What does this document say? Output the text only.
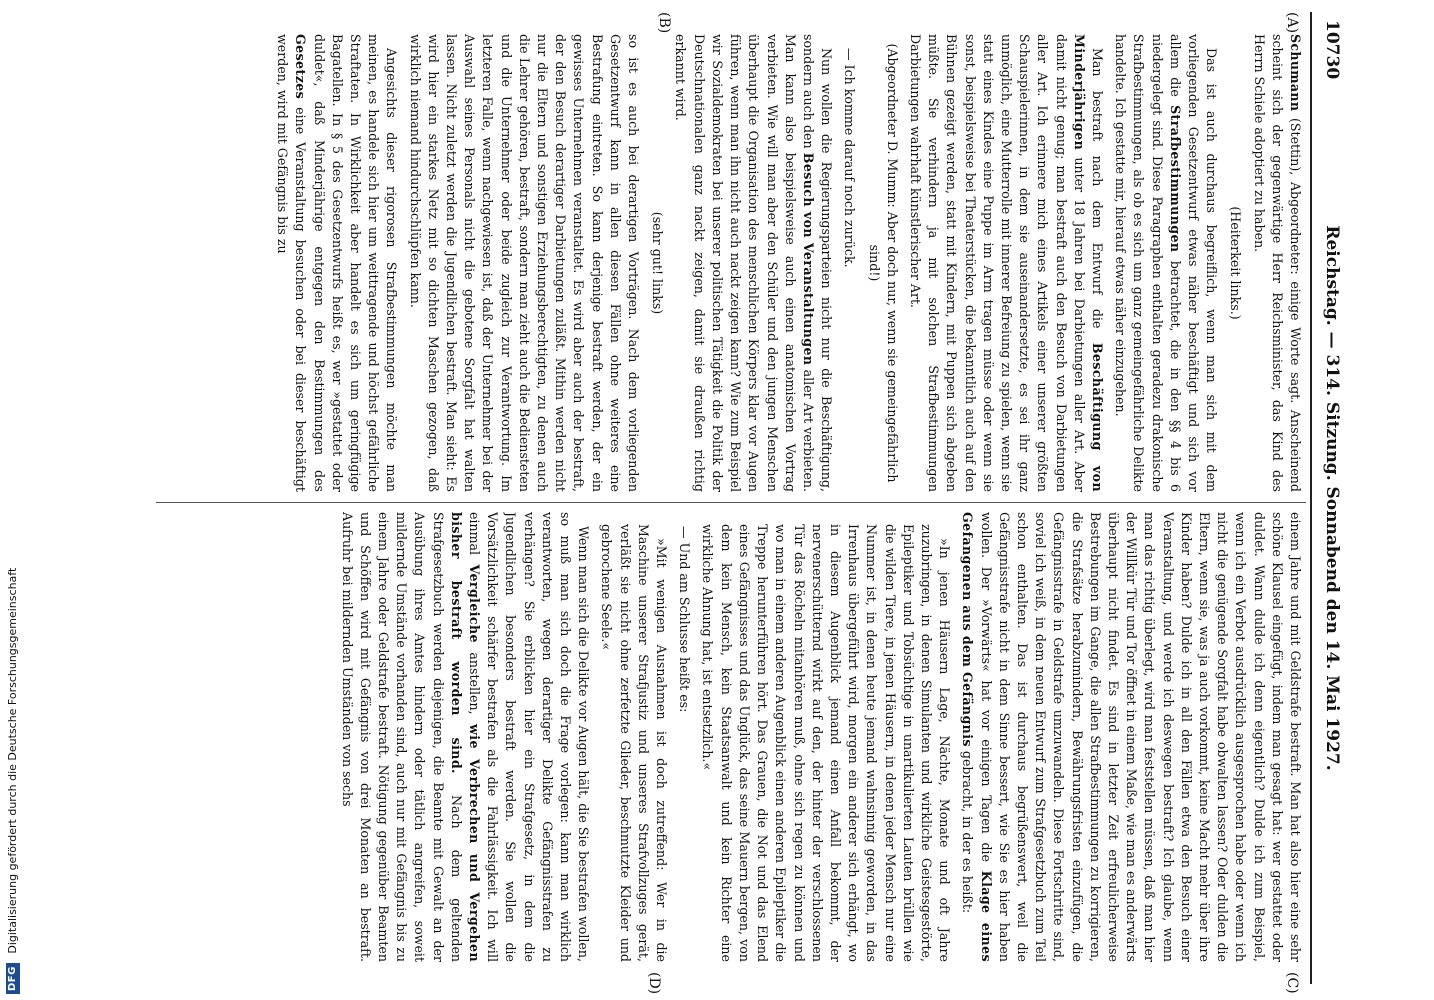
10730
Reichstag. — 314. Sitzung. Sonnabend den 14. Mai 1927.
(A)
(B)
(C)
(D)

Schumann (Stettin), Abgeordneter: einige Worte sagt. Anscheinend scheint sich der gegenwärtige Herr Reichsminister, das Kind des Herrn Schiele adoptiert zu haben.

(Heiterkeit links.)

Das ist auch durchaus begreiflich, wenn man sich mit dem vorliegenden Gesetzentwurf etwas näher beschäftigt und sich vor allem die Strafbestimmungen betrachtet, die in den §§ 4 bis 6 niedergelegt sind. Diese Paragraphen enthalten geradezu drakonische Strafbestimmungen, als ob es sich um ganz gemeingefährliche Delikte handelte. Ich gestatte mir, hierauf etwas näher einzugehen.

Man bestraft nach dem Entwurf die Beschäftigung von Minderjährigen unter 18 Jahren bei Darbietungen aller Art. Aber damit nicht genug; man bestraft auch den Besuch von Darbietungen aller Art. Ich erinnere mich eines Artikels einer unserer größten Schauspielerinnen, in dem sie auseinandersetzte, es sei ihr ganz unmöglich, eine Mutterrolle mit innerer Befreiung zu spielen, wenn sie statt eines Kindes eine Puppe im Arm tragen müsse oder wenn sie sonst, beispielsweise bei Theaterstücken, die bekanntlich auch auf den Bühnen gezeigt werden, statt mit Kindern, mit Puppen sich abgeben müßte. Sie verhindern ja mit solchen Strafbestimmungen Darbietungen wahrhaft künstlerischer Art.

(Abgeordneter D. Mumm: Aber doch nur, wenn sie gemeingefährlich sind!)

— Ich komme darauf noch zurück.

Nun wollen die Regierungsparteien nicht nur die Beschäftigung, sondern auch den Besuch von Veranstaltungen aller Art verbieten. Man kann also beispielsweise auch einen anatomischen Vortrag verbieten. Wie will man aber den Schüler und den jungen Menschen überhaupt die Organisation des menschlichen Körpers klar vor Augen führen, wenn man ihn nicht auch nackt zeigen kann? Wie zum Beispiel wir Sozialdemokraten bei unserer politischen Tätigkeit die Politik der Deutschnationalen ganz nackt zeigen, damit sie draußen richtig erkannt wird.

(sehr gut! links)

so ist es auch bei derartigen Vorträgen. Nach dem vorliegenden Gesetzentwurf kann in allen diesen Fällen ohne weiteres eine Bestrafung eintreten. So kann derjenige bestraft werden, der ein gewisses Unternehmen veranstaltet. Es wird aber auch der bestraft, der den Besuch derartiger Darbietungen zuläßt. Mithin werden nicht nur die Eltern und sonstigen Erziehungsberechtigten, zu denen auch die Lehrer gehören, bestraft, sondern man zieht auch die Bediensteten und die Unternehmer oder beide zugleich zur Verantwortung. Im letzteren Falle, wenn nachgewiesen ist, daß der Unternehmer bei der Auswahl seines Personals nicht die gebotene Sorgfalt hat walten lassen. Nicht zuletzt werden die Jugendlichen bestraft. Man sieht: Es wird hier ein starkes Netz mit so dichten Maschen gezogen, daß wirklich niemand hindurchschlüpfen kann.

Angesichts dieser rigorosen Strafbestimmungen möchte man meinen, es handele sich hier um weittragende und höchst gefährliche Straftaten. In Wirklichkeit aber handelt es sich um geringfügige Bagatellen. In § 5 des Gesetzentwurfs heißt es, wer »gestattet oder duldet«, daß Minderjährige entgegen den Bestimmungen des Gesetzes eine Veranstaltung besuchen oder bei dieser beschäftigt werden, wird mit Gefängnis bis zu

einem Jahre und mit Geldstrafe bestraft. Man hat also hier eine sehr schöne Klausel eingefügt, indem man gesagt hat: wer gestattet oder duldet. Wann dulde ich denn eigentlich? Dulde ich zum Beispiel, wenn ich ein Verbot ausdrücklich ausgesprochen habe oder wenn ich nicht die genügende Sorgfalt habe obwalten lassen? Oder dulden die Eltern, wenn sie, was ja auch vorkommt, keine Macht mehr über ihre Kinder haben? Dulde ich in all den Fällen etwa den Besuch einer Veranstaltung, und werde ich deswegen bestraft? Ich glaube, wenn man das richtig überlegt, wird man feststellen müssen, daß man hier der Willkür Tür und Tor öffnet in einem Maße, wie man es anderwärts überhaupt nicht findet. Es sind in letzter Zeit erfreulicherweise Bestrebungen im Gange, die allen Strafbestimmungen zu korrigieren, die Strafsätze herabzumindern, Bewährungsfristen einzufügen, die Gefängnisstrafe in Geldstrafe umzuwandeln. Diese Fortschritte sind, soviel ich weiß, in dem neuen Entwurf zum Strafgesetzbuch zum Teil schon enthalten. Das ist durchaus begrüßenswert, weil die Gefängnisstrafe nicht in dem Sinne bessert, wie Sie es hier haben wollen. Der »Vorwärts« hat vor einigen Tagen die Klage eines Gefangenen aus dem Gefängnis gebracht, in der es heißt:

»In jenen Häusern Lage, Nächte, Monate und oft Jahre zuzubringen, in denen Simulanten und wirkliche Geistesgestörte, Epileptiker und Tobsüchtige in unartikulierten Lauten brüllen wie die wilden Tiere, in jenen Häusern, in denen jeder Mensch nur eine Nummer ist, in denen heute jemand wahnsinnig geworden, in das Irrenhaus übergeführt wird, morgen ein anderer sich erhängt, wo in diesem Augenblick jemand einen Anfall bekommt, der nervenerschütternd wirkt auf den, der hinter der verschlossenen Tür das Röcheln mitanhören muß, ohne sich regen zu können und wo man in einem anderen Augenblick einen anderen Epileptiker die Treppe herunterführen hört. Das Grauen, die Not und das Elend eines Gefängnisses und das Unglück, das seine Mauern bergen, von dem kein Mensch, kein Staatsanwalt und kein Richter eine wirkliche Ahnung hat, ist entsetzlich.«

— Und am Schlusse heißt es:

»Mit wenigen Ausnahmen ist doch zutreffend: Wer in die Maschine unserer Strafjustiz und unseres Strafvollzuges gerät, verläßt sie nicht ohne zerfetzte Glieder, beschmutzte Kleider und gebrochene Seele.«

Wenn man sich die Delikte vor Augen hält, die Sie bestrafen wollen, so muß man sich doch die Frage vorlegen: kann man wirklich verantworten, wegen derartiger Delikte Gefängnisstrafen zu verhängen? Sie erblicken hier ein Strafgesetz, in dem die Jugendlichen besonders bestraft werden. Sie wollen die Vorsätzlichkeit schärfer bestrafen als die Fahrlässigkeit. Ich will einmal Vergleiche anstellen, wie Verbrechen und Vergehen bisher bestraft worden sind. Nach dem geltenden Strafgesetzbuch werden diejenigen, die Beamte mit Gewalt an der Ausübung ihres Amtes hindern oder tätlich angreifen, soweit mildernde Umstände vorhanden sind, auch nur mit Gefängnis bis zu einem Jahre oder Geldstrafe bestraft. Nötigung gegenüber Beamten und Schöffen wird mit Gefängnis von drei Monaten an bestraft. Aufruhr bei mildernden Umständen von sechs

DFG Digitalisierung gefördert durch die Deutsche Forschungsgemeinschaft
